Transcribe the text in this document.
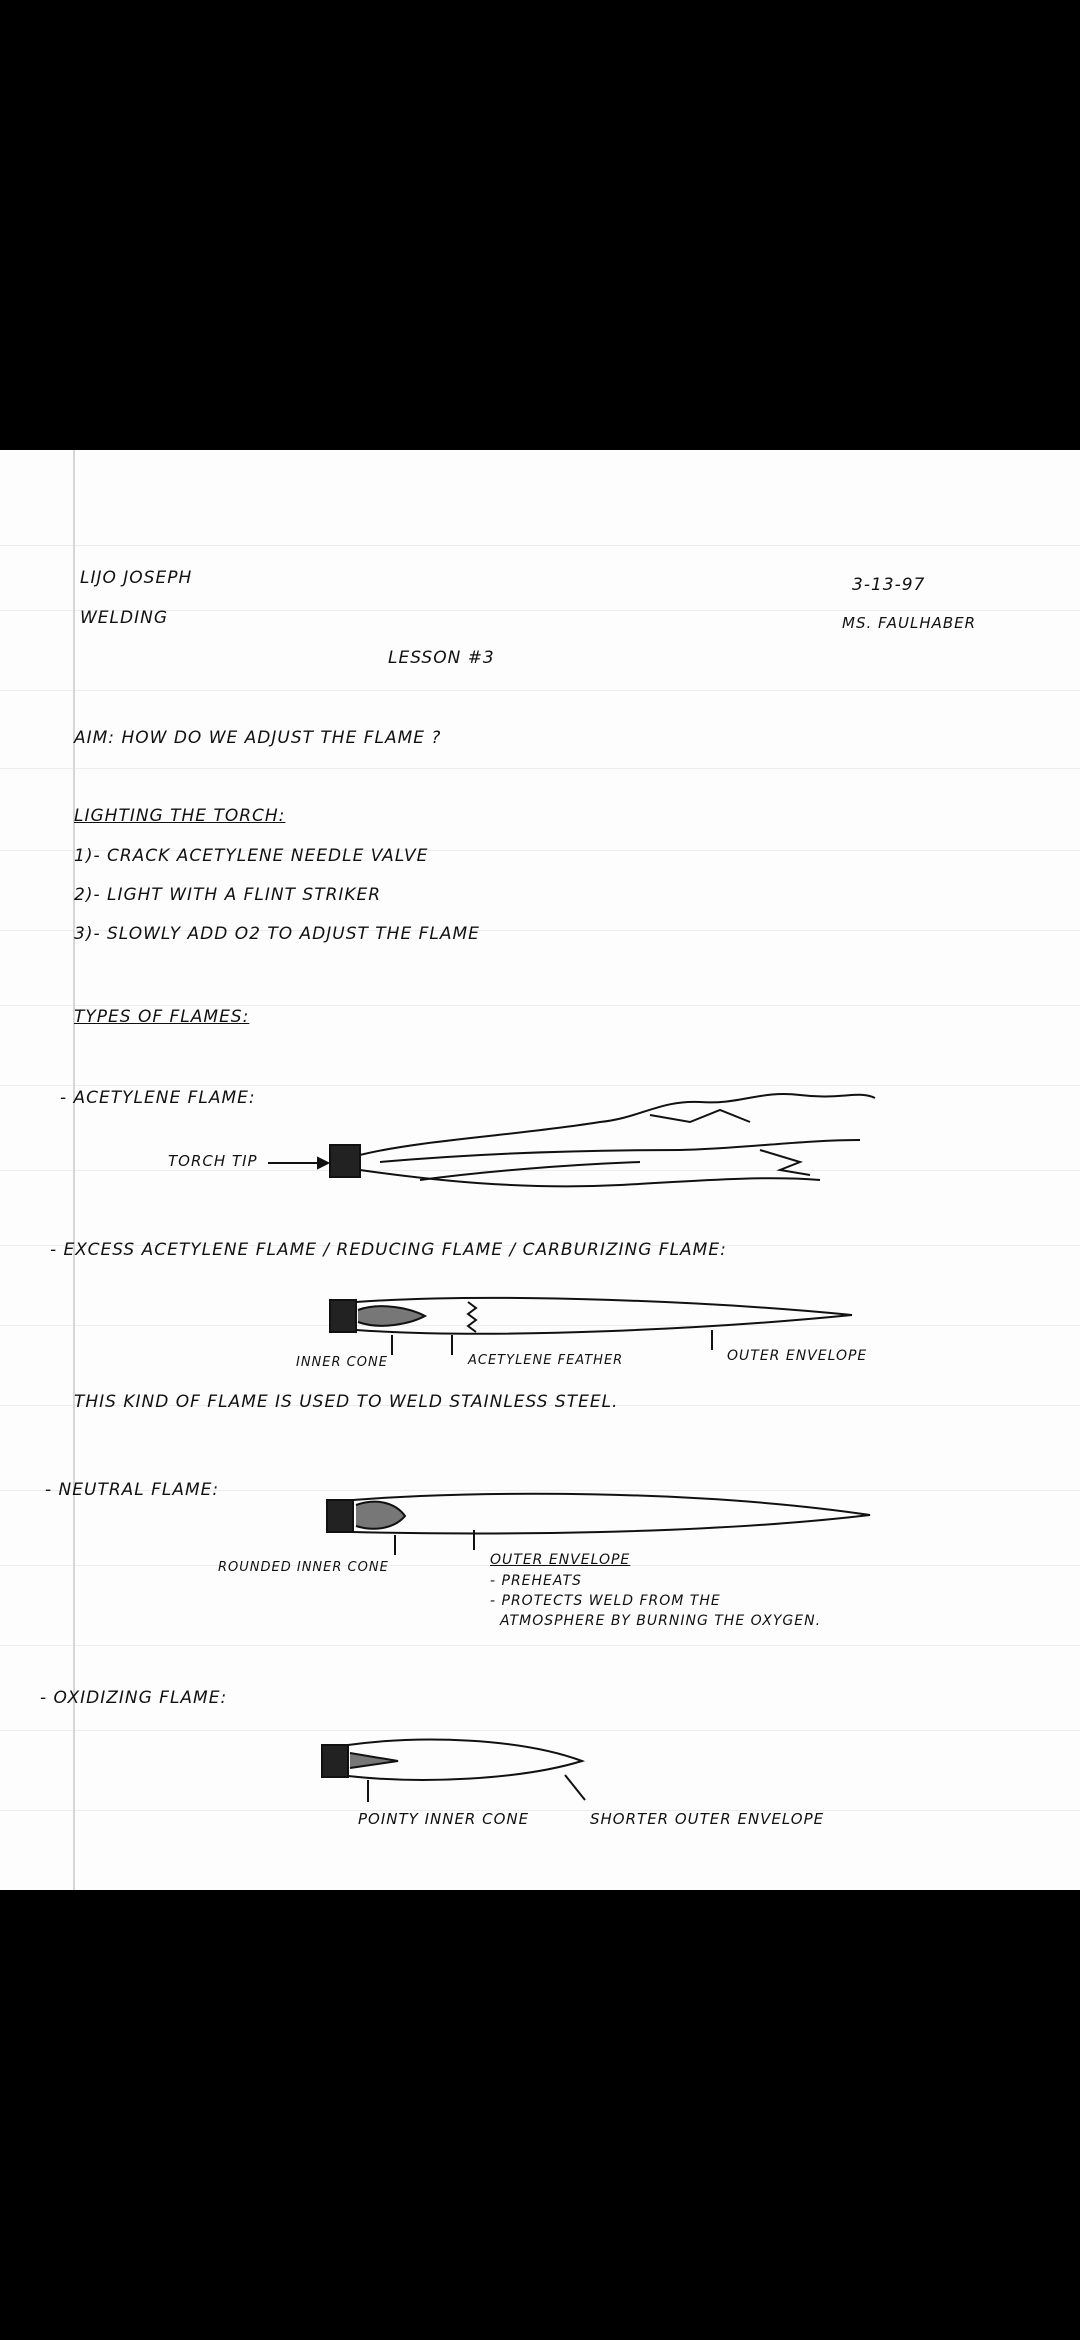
LIJO JOSEPH
WELDING
3-13-97
MS. FAULHABER
LESSON #3
AIM: HOW DO WE ADJUST THE FLAME ?
LIGHTING THE TORCH:
1)- CRACK ACETYLENE NEEDLE VALVE
2)- LIGHT WITH A FLINT STRIKER
3)- SLOWLY ADD O2 TO ADJUST THE FLAME
TYPES OF FLAMES:
- ACETYLENE FLAME:
TORCH TIP
- EXCESS ACETYLENE FLAME / REDUCING FLAME / CARBURIZING FLAME:
INNER CONE	ACETYLENE FEATHER	OUTER ENVELOPE
THIS KIND OF FLAME IS USED TO WELD STAINLESS STEEL.
- NEUTRAL FLAME:
ROUNDED INNER CONE	OUTER ENVELOPE
- PREHEATS
- PROTECTS WELD FROM THE
ATMOSPHERE BY BURNING THE OXYGEN.
- OXIDIZING FLAME:
POINTY INNER CONE	SHORTER OUTER ENVELOPE
